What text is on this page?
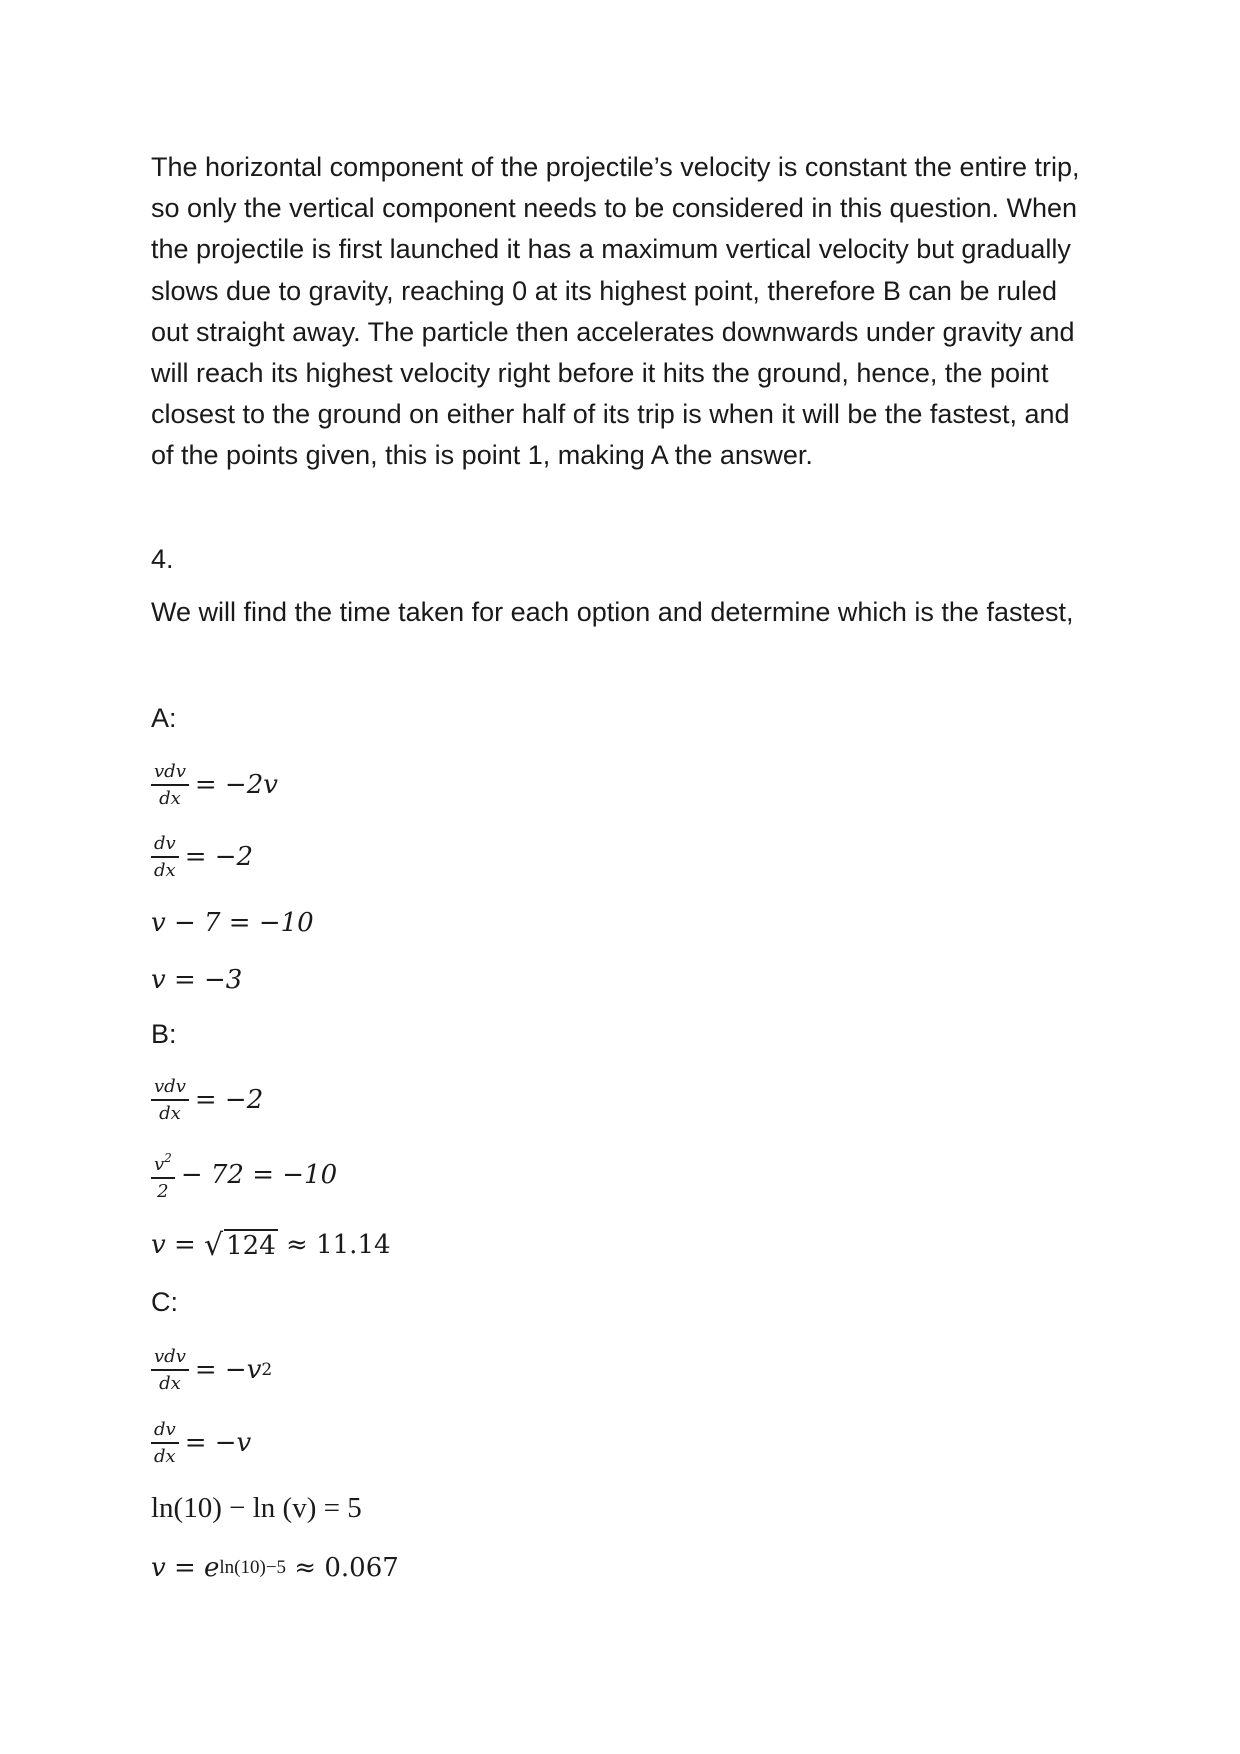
The horizontal component of the projectile’s velocity is constant the entire trip, so only the vertical component needs to be considered in this question. When the projectile is first launched it has a maximum vertical velocity but gradually slows due to gravity, reaching 0 at its highest point, therefore B can be ruled out straight away. The particle then accelerates downwards under gravity and will reach its highest velocity right before it hits the ground, hence, the point closest to the ground on either half of its trip is when it will be the fastest, and of the points given, this is point 1, making A the answer.

4.

We will find the time taken for each option and determine which is the fastest,

A:
$\frac{\text{vdv}}{dx} = -2v$
$\frac{dv}{dx} = -2$
v − 7 = −10
v = −3
B:
$\frac{\text{vdv}}{dx} = -2$
$\frac{v^2}{2} - 72 = -10$
v = √ 124 ≈ 11.14
C:
$\frac{\text{vdv}}{dx} = -v$ 2
$\frac{dv}{dx} = -v$
ln(10) − ln (v) = 5
v = e ln(10)−5 ≈ 0.067
